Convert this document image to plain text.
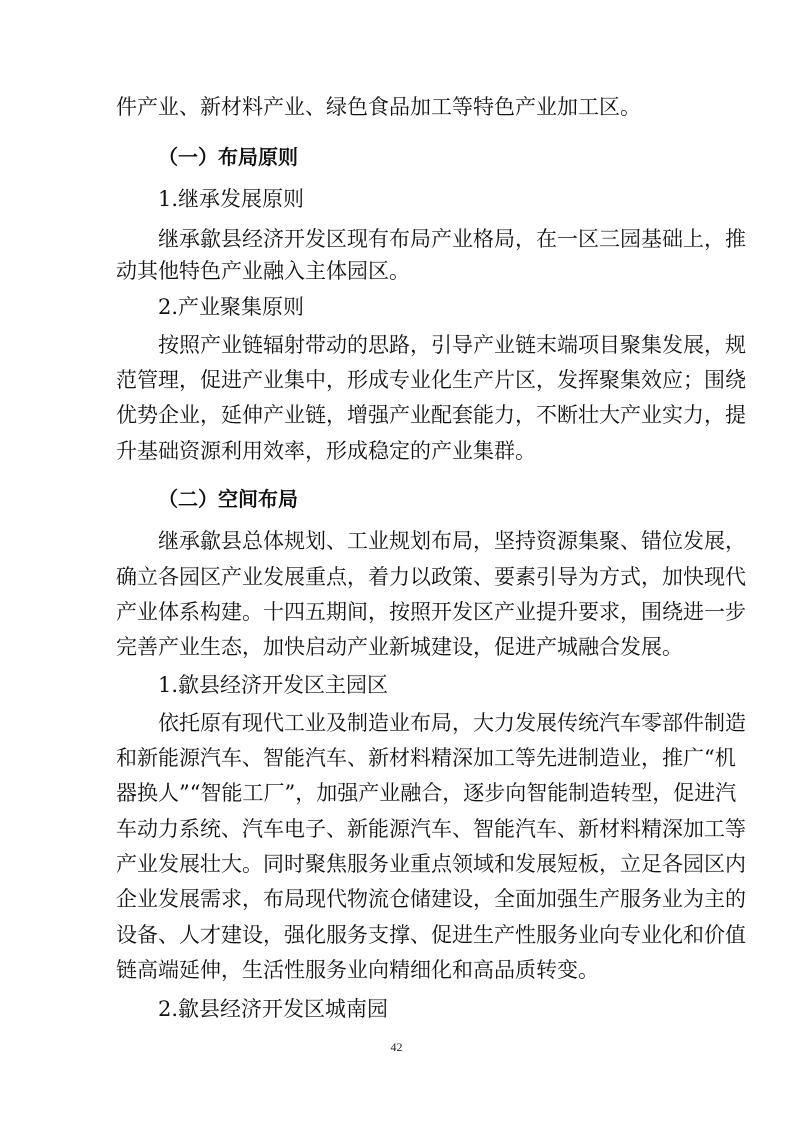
件产业、新材料产业、绿色食品加工等特色产业加工区。
（一）布局原则
1.继承发展原则
继承歙县经济开发区现有布局产业格局，在一区三园基础上，推
动其他特色产业融入主体园区。
2.产业聚集原则
按照产业链辐射带动的思路，引导产业链末端项目聚集发展，规
范管理，促进产业集中，形成专业化生产片区，发挥聚集效应；围绕
优势企业，延伸产业链，增强产业配套能力，不断壮大产业实力，提
升基础资源利用效率，形成稳定的产业集群。
（二）空间布局
继承歙县总体规划、工业规划布局，坚持资源集聚、错位发展，
确立各园区产业发展重点，着力以政策、要素引导为方式，加快现代
产业体系构建。十四五期间，按照开发区产业提升要求，围绕进一步
完善产业生态，加快启动产业新城建设，促进产城融合发展。
1.歙县经济开发区主园区
依托原有现代工业及制造业布局，大力发展传统汽车零部件制造
和新能源汽车、智能汽车、新材料精深加工等先进制造业，推广“机
器换人”“智能工厂”，加强产业融合，逐步向智能制造转型，促进汽
车动力系统、汽车电子、新能源汽车、智能汽车、新材料精深加工等
产业发展壮大。同时聚焦服务业重点领域和发展短板，立足各园区内
企业发展需求，布局现代物流仓储建设，全面加强生产服务业为主的
设备、人才建设，强化服务支撑、促进生产性服务业向专业化和价值
链高端延伸，生活性服务业向精细化和高品质转变。
2.歙县经济开发区城南园
42
